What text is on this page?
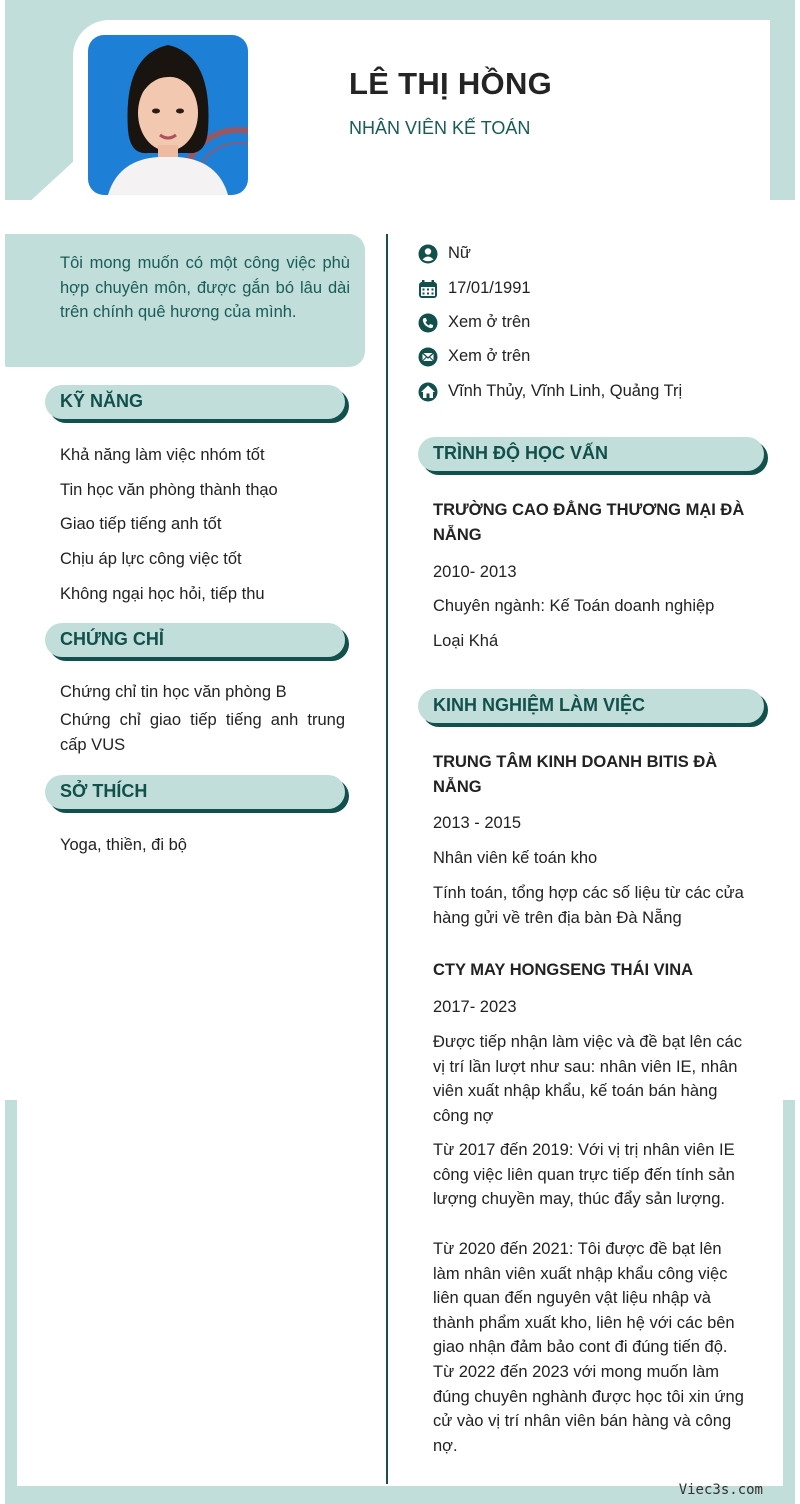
LÊ THỊ HỒNG
NHÂN VIÊN KẾ TOÁN

Tôi mong muốn có một công việc phù hợp chuyên môn, được gắn bó lâu dài trên chính quê hương của mình.

Nữ
17/01/1991
Xem ở trên
Xem ở trên
Vĩnh Thủy, Vĩnh Linh, Quảng Trị
KỸ NĂNG
Khả năng làm việc nhóm tốt
Tin học văn phòng thành thạo
Giao tiếp tiếng anh tốt
Chịu áp lực công việc tốt
Không ngại học hỏi, tiếp thu
CHỨNG CHỈ
Chứng chỉ tin học văn phòng B
Chứng chỉ giao tiếp tiếng anh trung cấp VUS
SỞ THÍCH
Yoga, thiền, đi bộ
TRÌNH ĐỘ HỌC VẤN
TRƯỜNG CAO ĐẲNG THƯƠNG MẠI ĐÀ NẴNG
2010- 2013
Chuyên ngành: Kế Toán doanh nghiệp
Loại Khá
KINH NGHIỆM LÀM VIỆC
TRUNG TÂM KINH DOANH BITIS ĐÀ NẴNG
2013 - 2015
Nhân viên kế toán kho
Tính toán, tổng hợp các số liệu từ các cửa hàng gửi về trên địa bàn Đà Nẵng
CTY MAY HONGSENG THÁI VINA
2017- 2023
Được tiếp nhận làm việc và đề bạt lên các vị trí lần lượt như sau: nhân viên IE, nhân viên xuất nhập khẩu, kế toán bán hàng công nợ
Từ 2017 đến 2019: Với vị trị nhân viên IE công việc liên quan trực tiếp đến tính sản lượng chuyền may, thúc đẩy sản lượng.
Từ 2020 đến 2021: Tôi được đề bạt lên làm nhân viên xuất nhập khẩu công việc liên quan đến nguyên vật liệu nhập và thành phẩm xuất kho, liên hệ với các bên giao nhận đảm bảo cont đi đúng tiến độ.
Từ 2022 đến 2023 với mong muốn làm đúng chuyên nghành được học tôi xin ứng cử vào vị trí nhân viên bán hàng và công nợ.
Viec3s.com
